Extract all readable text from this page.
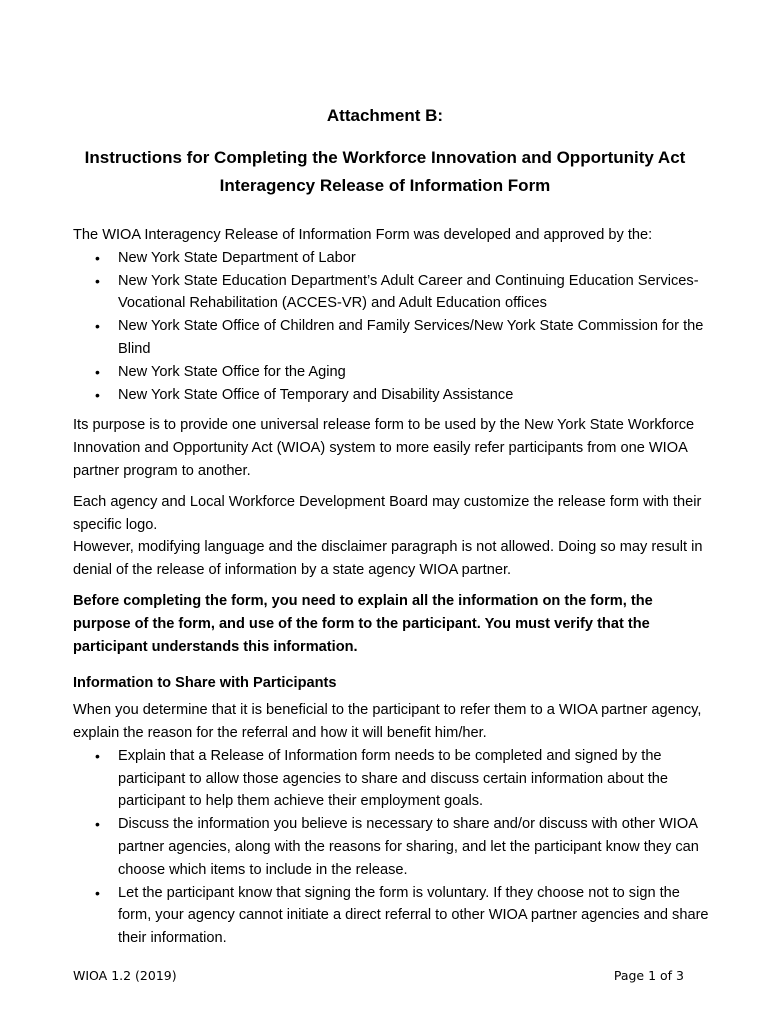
Attachment B:
Instructions for Completing the Workforce Innovation and Opportunity Act
Interagency Release of Information Form

The WIOA Interagency Release of Information Form was developed and approved by the:

• New York State Department of Labor
• New York State Education Department’s Adult Career and Continuing Education Services- Vocational Rehabilitation (ACCES-VR) and Adult Education offices
• New York State Office of Children and Family Services/New York State Commission for the Blind
• New York State Office for the Aging
• New York State Office of Temporary and Disability Assistance

Its purpose is to provide one universal release form to be used by the New York State Workforce Innovation and Opportunity Act (WIOA) system to more easily refer participants from one WIOA partner program to another.

Each agency and Local Workforce Development Board may customize the release form with their specific logo.

However, modifying language and the disclaimer paragraph is not allowed. Doing so may result in denial of the release of information by a state agency WIOA partner.

Before completing the form, you need to explain all the information on the form, the purpose of the form, and use of the form to the participant. You must verify that the participant understands this information.

Information to Share with Participants

When you determine that it is beneficial to the participant to refer them to a WIOA partner agency, explain the reason for the referral and how it will benefit him/her.

• Explain that a Release of Information form needs to be completed and signed by the participant to allow those agencies to share and discuss certain information about the participant to help them achieve their employment goals.
• Discuss the information you believe is necessary to share and/or discuss with other WIOA partner agencies, along with the reasons for sharing, and let the participant know they can choose which items to include in the release.
• Let the participant know that signing the form is voluntary. If they choose not to sign the form, your agency cannot initiate a direct referral to other WIOA partner agencies and share their information.
WIOA 1.2 (2019)	Page 1 of 3
